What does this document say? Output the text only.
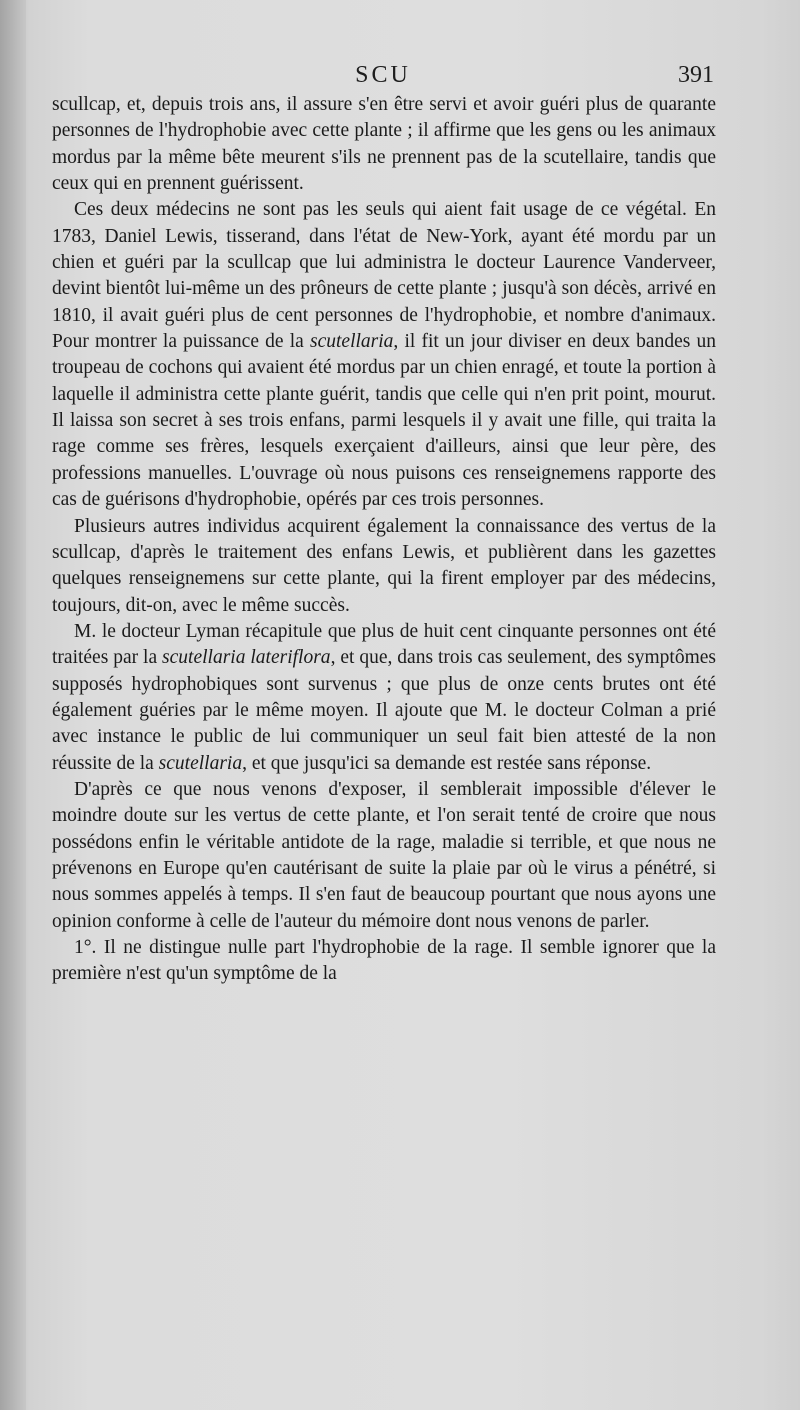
SCU	391

scullcap, et, depuis trois ans, il assure s'en être servi et avoir guéri plus de quarante personnes de l'hydrophobie avec cette plante ; il affirme que les gens ou les animaux mordus par la même bête meurent s'ils ne prennent pas de la scutellaire, tandis que ceux qui en prennent guérissent.

Ces deux médecins ne sont pas les seuls qui aient fait usage de ce végétal. En 1783, Daniel Lewis, tisserand, dans l'état de New-York, ayant été mordu par un chien et guéri par la scullcap que lui administra le docteur Laurence Vanderveer, devint bientôt lui-même un des prôneurs de cette plante ; jusqu'à son décès, arrivé en 1810, il avait guéri plus de cent personnes de l'hydrophobie, et nombre d'animaux. Pour montrer la puissance de la scutellaria, il fit un jour diviser en deux bandes un troupeau de cochons qui avaient été mordus par un chien enragé, et toute la portion à laquelle il administra cette plante guérit, tandis que celle qui n'en prit point, mourut. Il laissa son secret à ses trois enfans, parmi lesquels il y avait une fille, qui traita la rage comme ses frères, lesquels exerçaient d'ailleurs, ainsi que leur père, des professions manuelles. L'ouvrage où nous puisons ces renseignemens rapporte des cas de guérisons d'hydrophobie, opérés par ces trois personnes.

Plusieurs autres individus acquirent également la connaissance des vertus de la scullcap, d'après le traitement des enfans Lewis, et publièrent dans les gazettes quelques renseignemens sur cette plante, qui la firent employer par des médecins, toujours, dit-on, avec le même succès.

M. le docteur Lyman récapitule que plus de huit cent cinquante personnes ont été traitées par la scutellaria lateriflora, et que, dans trois cas seulement, des symptômes supposés hydrophobiques sont survenus ; que plus de onze cents brutes ont été également guéries par le même moyen. Il ajoute que M. le docteur Colman a prié avec instance le public de lui communiquer un seul fait bien attesté de la non réussite de la scutellaria, et que jusqu'ici sa demande est restée sans réponse.

D'après ce que nous venons d'exposer, il semblerait impossible d'élever le moindre doute sur les vertus de cette plante, et l'on serait tenté de croire que nous possédons enfin le véritable antidote de la rage, maladie si terrible, et que nous ne prévenons en Europe qu'en cautérisant de suite la plaie par où le virus a pénétré, si nous sommes appelés à temps. Il s'en faut de beaucoup pourtant que nous ayons une opinion conforme à celle de l'auteur du mémoire dont nous venons de parler.

1°. Il ne distingue nulle part l'hydrophobie de la rage. Il semble ignorer que la première n'est qu'un symptôme de la
